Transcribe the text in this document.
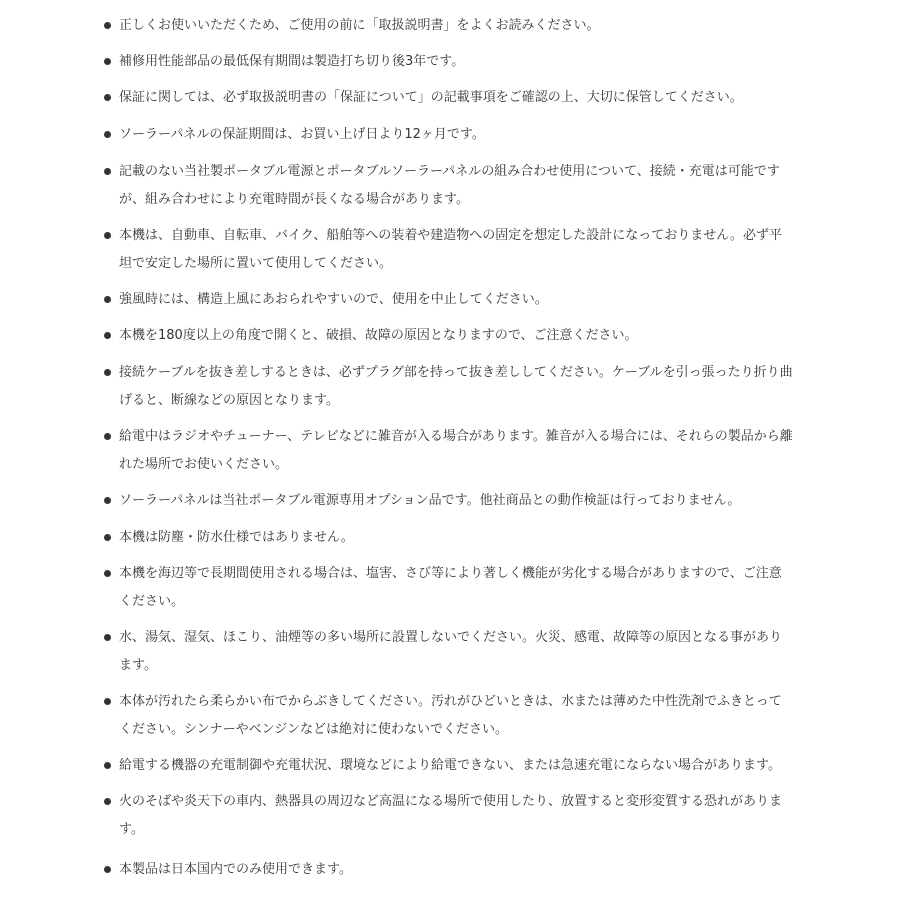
正しくお使いいただくため、ご使用の前に「取扱説明書」をよくお読みください。
補修用性能部品の最低保有期間は製造打ち切り後3年です。
保証に関しては、必ず取扱説明書の「保証について」の記載事項をご確認の上、大切に保管してください。
ソーラーパネルの保証期間は、お買い上げ日より12ヶ月です。
記載のない当社製ポータブル電源とポータブルソーラーパネルの組み合わせ使用について、接続・充電は可能ですが、組み合わせにより充電時間が長くなる場合があります。
本機は、自動車、自転車、バイク、船舶等への装着や建造物への固定を想定した設計になっておりません。必ず平坦で安定した場所に置いて使用してください。
強風時には、構造上風にあおられやすいので、使用を中止してください。
本機を180度以上の角度で開くと、破損、故障の原因となりますので、ご注意ください。
接続ケーブルを抜き差しするときは、必ずプラグ部を持って抜き差ししてください。ケーブルを引っ張ったり折り曲げると、断線などの原因となります。
給電中はラジオやチューナー、テレビなどに雑音が入る場合があります。雑音が入る場合には、それらの製品から離れた場所でお使いください。
ソーラーパネルは当社ポータブル電源専用オプション品です。他社商品との動作検証は行っておりません。
本機は防塵・防水仕様ではありません。
本機を海辺等で長期間使用される場合は、塩害、さび等により著しく機能が劣化する場合がありますので、ご注意ください。
水、湯気、湿気、ほこり、油煙等の多い場所に設置しないでください。火災、感電、故障等の原因となる事があります。
本体が汚れたら柔らかい布でからぶきしてください。汚れがひどいときは、水または薄めた中性洗剤でふきとってください。シンナーやベンジンなどは絶対に使わないでください。
給電する機器の充電制御や充電状況、環境などにより給電できない、または急速充電にならない場合があります。
火のそばや炎天下の車内、熱器具の周辺など高温になる場所で使用したり、放置すると変形変質する恐れがあります。
本製品は日本国内でのみ使用できます。
